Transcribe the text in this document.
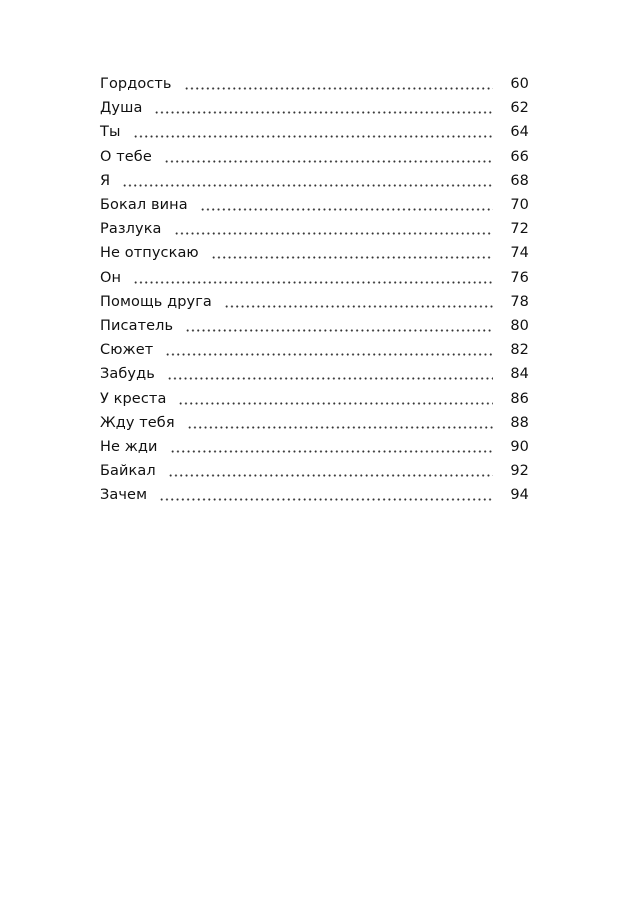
Гордость	60
Душа	62
Ты	64
О тебе	66
Я	68
Бокал вина	70
Разлука	72
Не отпускаю	74
Он	76
Помощь друга	78
Писатель	80
Сюжет	82
Забудь	84
У креста	86
Жду тебя	88
Не жди	90
Байкал	92
Зачем	94
